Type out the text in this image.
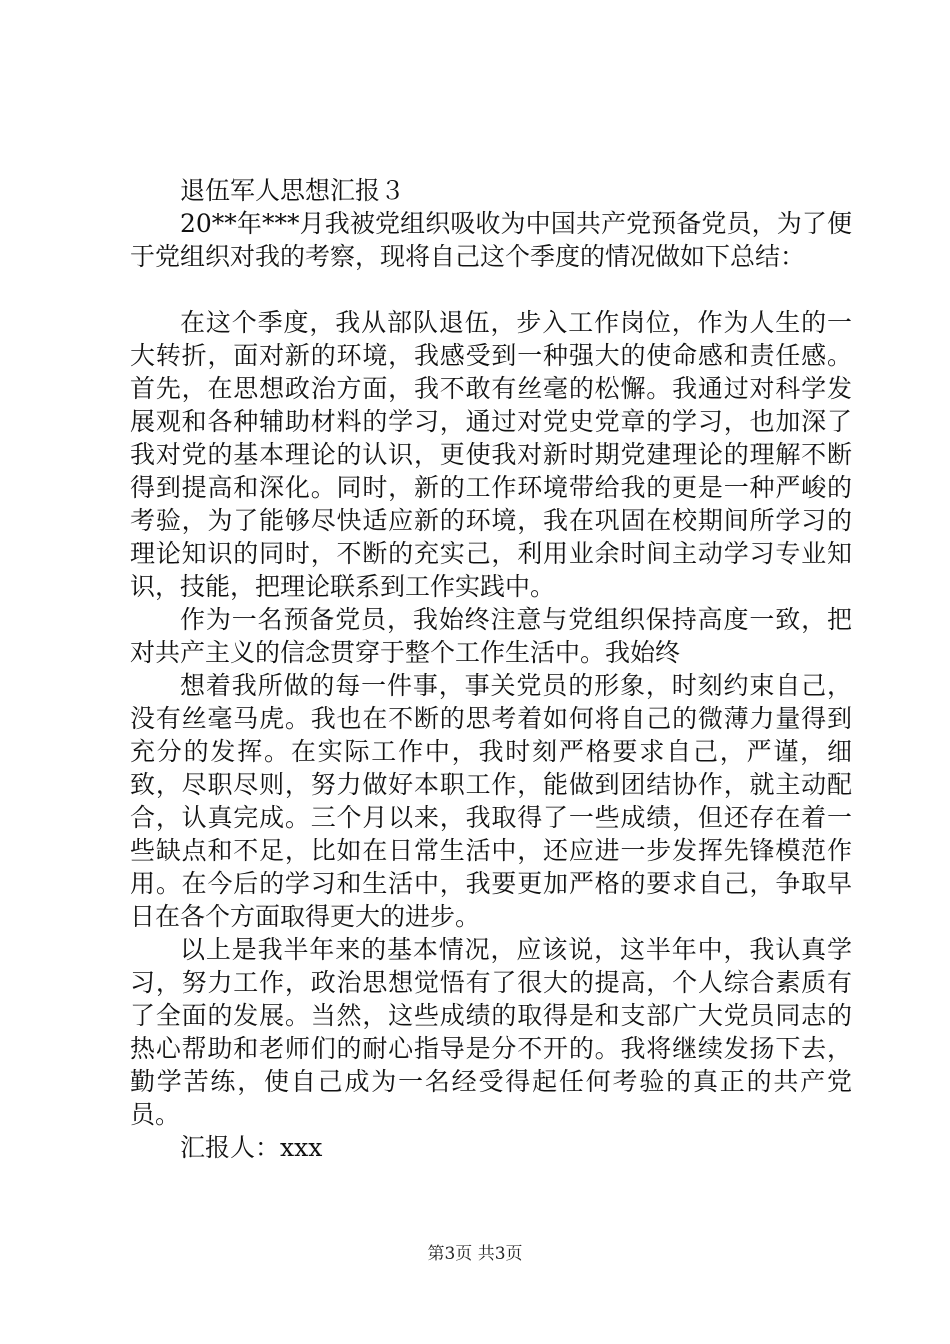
退伍军人思想汇报３

20**年***月我被党组织吸收为中国共产党预备党员，为了便于党组织对我的考察，现将自己这个季度的情况做如下总结：

在这个季度，我从部队退伍，步入工作岗位，作为人生的一大转折，面对新的环境，我感受到一种强大的使命感和责任感。首先，在思想政治方面，我不敢有丝毫的松懈。我通过对科学发展观和各种辅助材料的学习，通过对党史党章的学习，也加深了我对党的基本理论的认识，更使我对新时期党建理论的理解不断得到提高和深化。同时，新的工作环境带给我的更是一种严峻的考验，为了能够尽快适应新的环境，我在巩固在校期间所学习的理论知识的同时，不断的充实己，利用业余时间主动学习专业知识，技能，把理论联系到工作实践中。

作为一名预备党员，我始终注意与党组织保持高度一致，把对共产主义的信念贯穿于整个工作生活中。我始终

想着我所做的每一件事，事关党员的形象，时刻约束自己，没有丝毫马虎。我也在不断的思考着如何将自己的微薄力量得到充分的发挥。在实际工作中，我时刻严格要求自己，严谨，细致，尽职尽则，努力做好本职工作，能做到团结协作，就主动配合，认真完成。三个月以来，我取得了一些成绩，但还存在着一些缺点和不足，比如在日常生活中，还应进一步发挥先锋模范作用。在今后的学习和生活中，我要更加严格的要求自己，争取早日在各个方面取得更大的进步。

以上是我半年来的基本情况，应该说，这半年中，我认真学习，努力工作，政治思想觉悟有了很大的提高，个人综合素质有了全面的发展。当然，这些成绩的取得是和支部广大党员同志的热心帮助和老师们的耐心指导是分不开的。我将继续发扬下去，勤学苦练，使自己成为一名经受得起任何考验的真正的共产党员。

汇报人：xxx

第3页 共3页
